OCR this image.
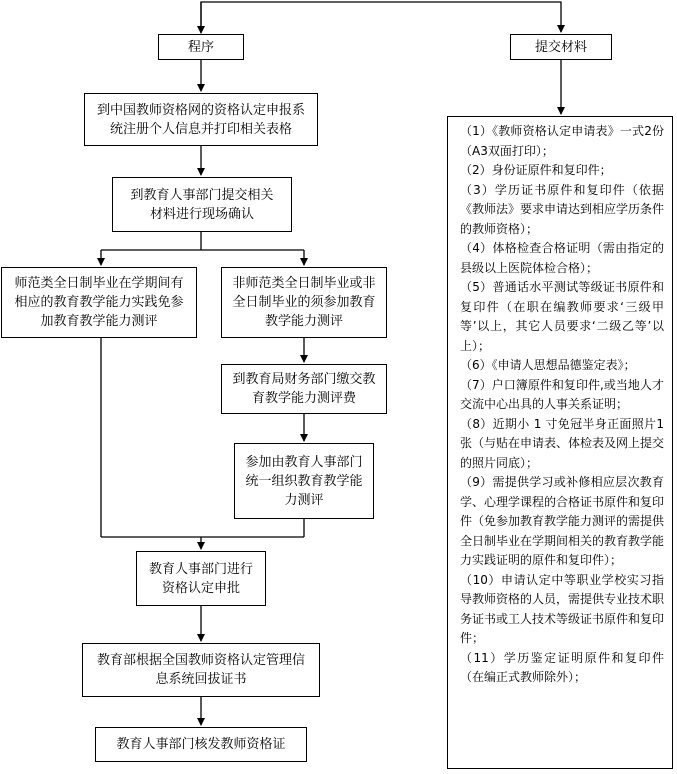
程序	提交材料
到中国教师资格网的资格认定申报系统注册个人信息并打印相关表格
到教育人事部门提交相关材料进行现场确认
师范类全日制毕业在学期间有相应的教育教学能力实践免参加教育教学能力测评
非师范类全日制毕业或非全日制毕业的须参加教育教学能力测评
到教育局财务部门缴交教育教学能力测评费
参加由教育人事部门统一组织教育教学能力测评
教育人事部门进行资格认定申批
教育部根据全国教师资格认定管理信息系统回拔证书
教育人事部门核发教师资格证

（1）《教师资格认定申请表》一式2份（A3双面打印）；

（2）身份证原件和复印件；

（3）学历证书原件和复印件（依据《教师法》要求申请达到相应学历条件的教师资格）；

（4）体格检查合格证明（需由指定的县级以上医院体检合格）；

（5）普通话水平测试等级证书原件和复印件（在职在编教师要求‘三级甲等’以上，其它人员要求‘二级乙等’以上）；

（6）《申请人思想品德鉴定表》；

（7）户口簿原件和复印件,或当地人才交流中心出具的人事关系证明；

（8）近期小 1 寸免冠半身正面照片1张（与贴在申请表、体检表及网上提交的照片同底）；

（9）需提供学习或补修相应层次教育学、心理学课程的合格证书原件和复印件（免参加教育教学能力测评的需提供全日制毕业在学期间相关的教育教学能力实践证明的原件和复印件）；

（10）申请认定中等职业学校实习指导教师资格的人员，需提供专业技术职务证书或工人技术等级证书原件和复印件；

（11）学历鉴定证明原件和复印件（在编正式教师除外）；
